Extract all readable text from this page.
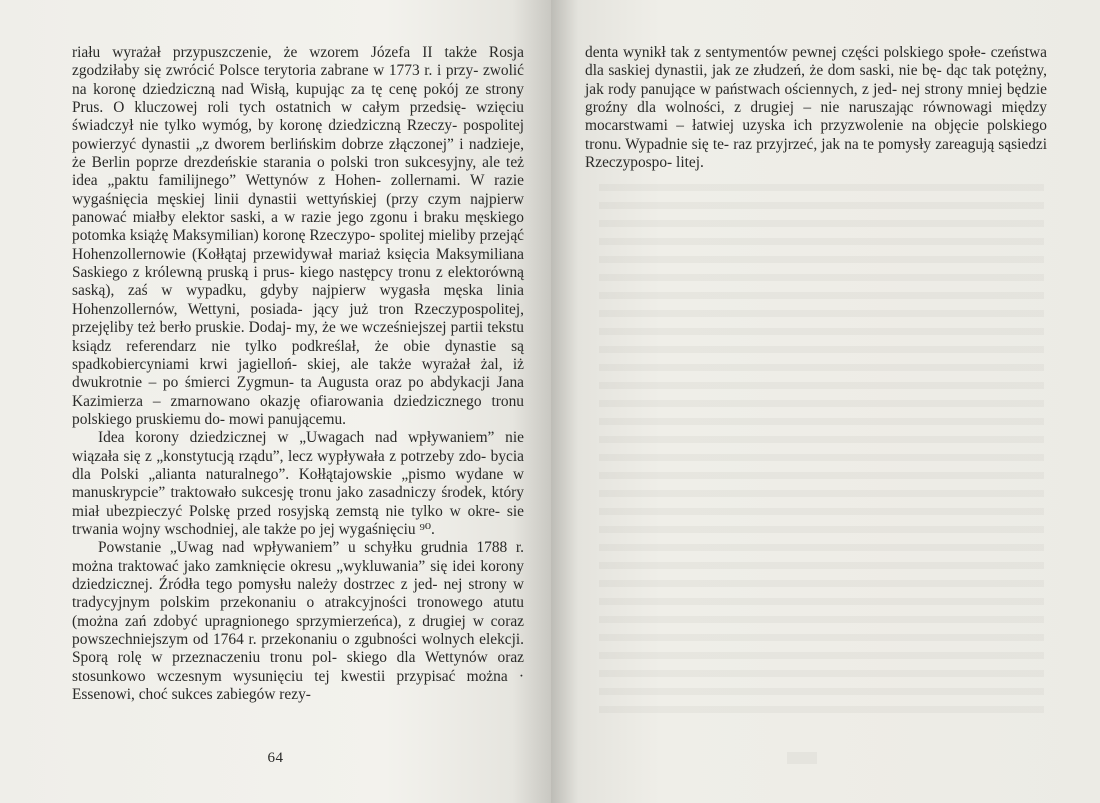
riału wyrażał przypuszczenie, że wzorem Józefa II także Rosja zgodziłaby się zwrócić Polsce terytoria zabrane w 1773 r. i przy- zwolić na koronę dziedziczną nad Wisłą, kupując za tę cenę pokój ze strony Prus. O kluczowej roli tych ostatnich w całym przedsię- wzięciu świadczył nie tylko wymóg, by koronę dziedziczną Rzeczy- pospolitej powierzyć dynastii „z dworem berlińskim dobrze złączonej” i nadzieje, że Berlin poprze drezdeńskie starania o polski tron sukcesyjny, ale też idea „paktu familijnego” Wettynów z Hohen- zollernami. W razie wygaśnięcia męskiej linii dynastii wettyńskiej (przy czym najpierw panować miałby elektor saski, a w razie jego zgonu i braku męskiego potomka książę Maksymilian) koronę Rzeczypo- spolitej mieliby przejąć Hohenzollernowie (Kołłątaj przewidywał mariaż księcia Maksymiliana Saskiego z królewną pruską i prus- kiego następcy tronu z elektorówną saską), zaś w wypadku, gdyby najpierw wygasła męska linia Hohenzollernów, Wettyni, posiada- jący już tron Rzeczypospolitej, przejęliby też berło pruskie. Dodaj- my, że we wcześniejszej partii tekstu ksiądz referendarz nie tylko podkreślał, że obie dynastie są spadkobiercyniami krwi jagielloń- skiej, ale także wyrażał żal, iż dwukrotnie – po śmierci Zygmun- ta Augusta oraz po abdykacji Jana Kazimierza – zmarnowano okazję ofiarowania dziedzicznego tronu polskiego pruskiemu do- mowi panującemu.

Idea korony dziedzicznej w „Uwagach nad wpływaniem” nie wiązała się z „konstytucją rządu”, lecz wypływała z potrzeby zdo- bycia dla Polski „alianta naturalnego”. Kołłątajowskie „pismo wydane w manuskrypcie” traktowało sukcesję tronu jako zasadniczy środek, który miał ubezpieczyć Polskę przed rosyjską zemstą nie tylko w okre- sie trwania wojny wschodniej, ale także po jej wygaśnięciu ⁹⁰.

Powstanie „Uwag nad wpływaniem” u schyłku grudnia 1788 r. można traktować jako zamknięcie okresu „wykluwania” się idei korony dziedzicznej. Źródła tego pomysłu należy dostrzec z jed- nej strony w tradycyjnym polskim przekonaniu o atrakcyjności tronowego atutu (można zań zdobyć upragnionego sprzymierzeńca), z drugiej w coraz powszechniejszym od 1764 r. przekonaniu o zgubności wolnych elekcji. Sporą rolę w przeznaczeniu tronu pol- skiego dla Wettynów oraz stosunkowo wczesnym wysunięciu tej kwestii przypisać można · Essenowi, choć sukces zabiegów rezy-

64

denta wynikł tak z sentymentów pewnej części polskiego społe- czeństwa dla saskiej dynastii, jak ze złudzeń, że dom saski, nie bę- dąc tak potężny, jak rody panujące w państwach ościennych, z jed- nej strony mniej będzie groźny dla wolności, z drugiej – nie naruszając równowagi między mocarstwami – łatwiej uzyska ich przyzwolenie na objęcie polskiego tronu. Wypadnie się te- raz przyjrzeć, jak na te pomysły zareagują sąsiedzi Rzeczypospo- litej.
